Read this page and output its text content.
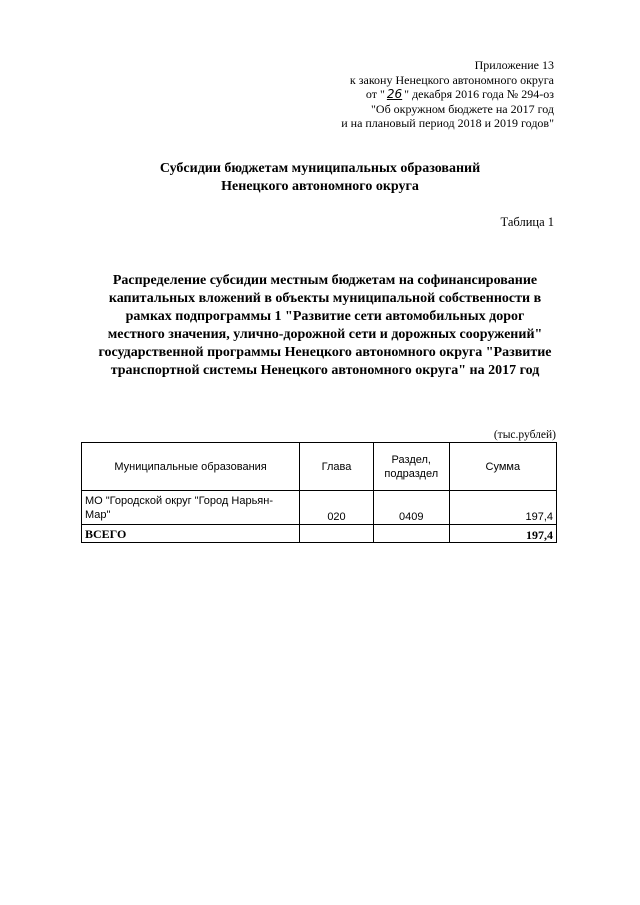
Приложение 13
к закону Ненецкого автономного округа
от " 26 " декабря 2016 года № 294-оз
"Об окружном бюджете на 2017 год
и на плановый период 2018 и 2019 годов"
Субсидии бюджетам муниципальных образований
Ненецкого автономного округа
Таблица 1
Распределение субсидии местным бюджетам на софинансирование
капитальных вложений в объекты муниципальной собственности в
рамках подпрограммы 1 "Развитие сети автомобильных дорог
местного значения, улично-дорожной сети и дорожных сооружений"
государственной программы Ненецкого автономного округа "Развитие
транспортной системы Ненецкого автономного округа" на 2017 год
(тыс.рублей)
Муниципальные образования	Глава	Раздел,
подраздел	Сумма
МО "Городской округ "Город Нарьян-
Мар"	020	0409	197,4
ВСЕГО			197,4
